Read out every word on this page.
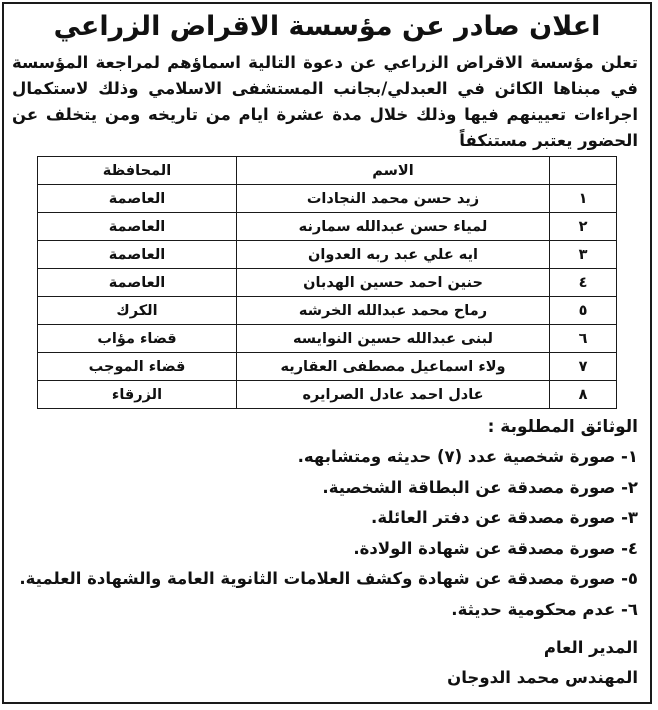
اعلان صادر عن مؤسسة الاقراض الزراعي

تعلن مؤسسة الاقراض الزراعي عن دعوة التالية اسماؤهم لمراجعة المؤسسة في مبناها الكائن في العبدلي/بجانب المستشفى الاسلامي وذلك لاستكمال اجراءات تعيينهم فيها وذلك خلال مدة عشرة ايام من تاريخه ومن يتخلف عن الحضور يعتبر مستنكفاً

	الاسم	المحافظة
١	زيد حسن محمد النجادات	العاصمة
٢	لمياء حسن عبدالله سمارنه	العاصمة
٣	ايه علي عبد ربه العدوان	العاصمة
٤	حنين احمد حسين الهدبان	العاصمة
٥	رماح محمد عبدالله الخرشه	الكرك
٦	لبنى عبدالله حسين النوايسه	قضاء مؤاب
٧	ولاء اسماعيل مصطفى العقاريه	قضاء الموجب
٨	عادل احمد عادل الصرايره	الزرقاء
الوثائق المطلوبة :
١- صورة شخصية عدد (٧) حديثه ومتشابهه.
٢- صورة مصدقة عن البطاقة الشخصية.
٣- صورة مصدقة عن دفتر العائلة.
٤- صورة مصدقة عن شهادة الولادة.
٥- صورة مصدقة عن شهادة وكشف العلامات الثانوية العامة والشهادة العلمية.
٦- عدم محكومية حديثة.
المدير العام
المهندس محمد الدوجان
